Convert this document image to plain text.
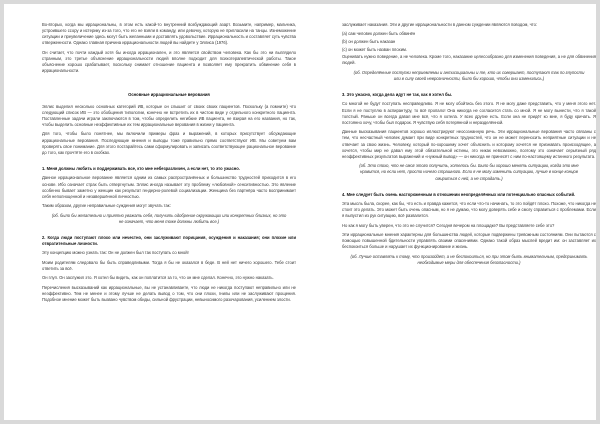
Во-вторых, когда мы иррациональны, в этом есть какой-то внутренний возбуждающий азарт. Возьмите, например, мальчика, устроившего ссору и истерику из-за того, что его не взяли в команду, или девочку, которую не пригласили на танцы. Изнеможение ситуации и преувеличение здесь могут быть желанными и доставлять удовольствие. Иррациональность и составляет суть чувства отверженности. Однако главная причина иррациональности людей вы найдете у Эллиса (1976).

Он считает, что почти каждый хотя бы иногда иррационален, и это является свойством человека. Как бы это ни выглядело странным, это третье объяснение иррациональности людей вполне подходит для психотерапевтической работы. Такое объяснение хорошо срабатывает, поскольку снимает отношение пациента и позволяет ему прекратить обвинение себя в иррациональности.

Основные иррациональные верования

Эллис выделил несколько основных категорий ИВ, которые он слышит от своих своих пациентов. Поскольку (а помните) что следующий список ИВ — это обобщения типологии, конечно не встретить их в чистом виде у отдельного конкретного пациента. Поставленные задачи играли заключаются в том, чтобы определить негибкие ИВ пациента, не взирая на его названия, но так, чтобы выделить основные неэффективные их тем иррациональные верования в жизни у пациента.

Для того, чтобы было понятнее, мы включили примеры фраз и выражений, в которых присутствует обсуждающие иррациональные верования. Последующие мнения и выводы тоже правильно прямо соответствуют ИВ. Мы советуем вам проверять свое понимание. Для этого постарайтесь сами сформулировать и записать соответствующее рациональное верование до того, как прочтёте его в скобках.

1. Меня должны любить и поддерживать все, кто мне небезразличен, а если нет, то это ужасно.

Данное иррациональное верование является одним из самых распространённых и большинство трудностей приходится в его основе. Ибо означает страх быть отвергнутым. Эллис иногда называет эту проблему «любовной» сенситивностью. Это явление особенно бывает заметно у женщин как результат гендерно-ролевой социализации. Женщина без партнёра часто воспринимает себя неполноценной и незавершённой личностью.

Таким образом, другие неправильные суждения могут звучать так:

(об. было бы желательно и приятно уважать себя, получить одобрение окружающих или конкретных близких, но это не означает, что меня тоже должны любить все.)

2. Когда люди поступают плохо или нечестно, они заслуживают порицания, осуждения и наказания; они плохие или отвратительные личности.

Эту концепцию можно узнать так: Он не должен был так поступать со мной!

Моим родителям следовало бы быть справедливыми. Тогда я бы не оказался в беде. В ней нет ничего хорошего. Тебе стоит ответить за всё.

Он глуп. Он заслужил это. Я хотел бы видеть, как он поплатится за то, что он мне сделал. Конечно, это нужно наказать.

Перечисления высказываний как иррациональные, вы не устанавливаете, что люди не никогда поступают неправильно или не неэффективно. Тем не менее и этому лучше не делать вывод о том, что они плохи, гнилы или не заслуживают прощения. Подобное мнение может быть вызвано чувством обиды, сильной фрустрации, невыносимого разочарования, усилением злости.

заслуживает наказания. Эти и другие иррациональности в данном суждении являются поводом, что:

(а) сам человек должен быть обвинён

(b) он должен быть наказан

(c) он может быть назван плохим.

Оценивать нужно поведение, а не человека. Кроме того, наказание целесообразно для изменения поведения, а не для обвинения людей.

(об. Определённые поступки неприемлемы и антисоциальны и те, кто их совершает, поступают так по глупости или в силу своей неврозничности, было бы хорошо, чтобы они изменились.)

3. Это ужасно, когда дела идут не так, как я хотел бы.

Со многой не будут поступать несправедливо. Я не могу обойтись без этого. Я не могу даже представить, что у меня этого нет. Если я не поступлю в аспирантуру, то всё пропало! Она никогда не согласится стать со мной. Я не могу вынести, что я такой толстый. Раньше он всегда давал мне всё, что я хотела. У всех другие есть. Если она не придёт ко мне, я буду кричать. Я постоянно хочу, чтобы был подарок. Я чувствую себя потерянной и неразделённой.

Данные высказывания пациентов хорошо иллюстрируют неосознанную речь. Эти иррациональные верования часто связаны с тем, что несчастный человек думает при виде конкретных трудностей, что он не может переносить неприятные ситуации и не отвечает за свою жизнь. Человеку, который по-хорошему хочет объяснить и которому хочется не признавать происходящее, а хочется, чтобы мир не давал ему этой обязательной истины, это никак невозможно, поэтому это означает серьёзный ряд неэффективных результатов выражений и «нужный вывод» — он никогда не принесёт с ним по-настоящему истинного результата.

(об. Это плохо, что не смог этого получить, хотелось бы. Было бы хорошо менять ситуацию, когда это мне нравится, но если нет, просто ничего страшного. Если я не могу изменить ситуацию, лучше в конце концов смириться с ней, а не страдать.)

4. Мне следует быть очень настороженным в отношении неопределённых или потенциально опасных событий.

Эта мысль была, скорее, как бы, что есть и правда кажется, что если что-то начинать, то это пойдёт плохо. Похоже, что никогда не стоит это делать. Это может быть очень опасным, но я не думаю, что могу доверять себе и смогу справиться с проблемами. Если я выпустил из рук ситуацию, всё развалится.

Но как я могу быть уверен, что это не случится? Сегодня вечером на площадке? Вы представляете себе это?

Эти иррациональные мнения характерны для большинства людей, которые подвержены тревожным состояниям. Они пытаются с помощью повышенной бдительности управлять своими опасениями. Однако такой образ мыслей вредит им: он заставляет их беспокоиться больше и нарушает их функционирование и жизнь.

(об. Лучше оставлять к тому, что произойдет, а не беспокоиться, но при этом быть внимательным, предпринимать необходимые меры для обеспечения безопасности.)
